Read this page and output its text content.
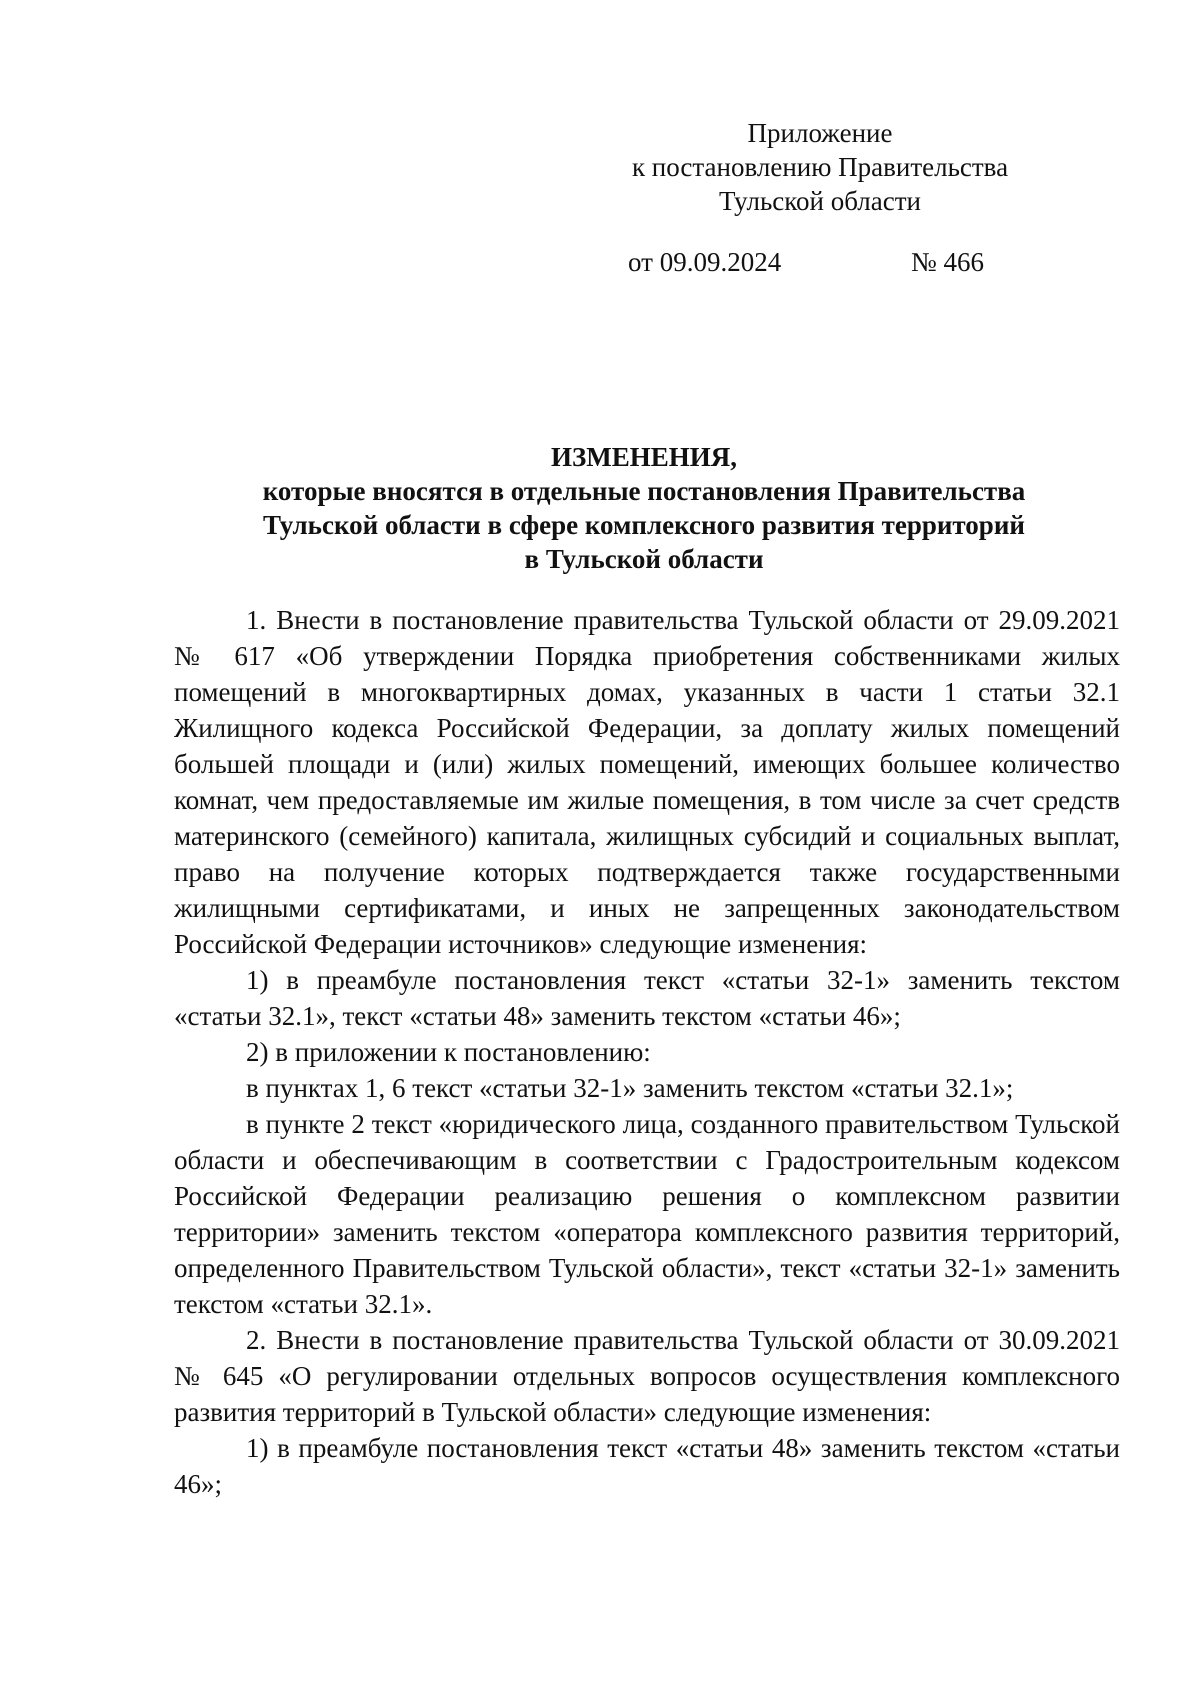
Приложение
к постановлению Правительства
Тульской области
от 09.09.2024	№ 466
ИЗМЕНЕНИЯ,
которые вносятся в отдельные постановления Правительства
Тульской области в сфере комплексного развития территорий
в Тульской области

1. Внести в постановление правительства Тульской области от 29.09.2021 № 617 «Об утверждении Порядка приобретения собственниками жилых помещений в многоквартирных домах, указанных в части 1 статьи 32.1 Жилищного кодекса Российской Федерации, за доплату жилых помещений большей площади и (или) жилых помещений, имеющих большее количество комнат, чем предоставляемые им жилые помещения, в том числе за счет средств материнского (семейного) капитала, жилищных субсидий и социальных выплат, право на получение которых подтверждается также государственными жилищными сертификатами, и иных не запрещенных законодательством Российской Федерации источников» следующие изменения:

1) в преамбуле постановления текст «статьи 32-1» заменить текстом «статьи 32.1», текст «статьи 48» заменить текстом «статьи 46»;

2) в приложении к постановлению:

в пунктах 1, 6 текст «статьи 32-1» заменить текстом «статьи 32.1»;

в пункте 2 текст «юридического лица, созданного правительством Тульской области и обеспечивающим в соответствии с Градостроительным кодексом Российской Федерации реализацию решения о комплексном развитии территории» заменить текстом «оператора комплексного развития территорий, определенного Правительством Тульской области», текст «статьи 32-1» заменить текстом «статьи 32.1».

2. Внести в постановление правительства Тульской области от 30.09.2021 № 645 «О регулировании отдельных вопросов осуществления комплексного развития территорий в Тульской области» следующие изменения:

1) в преамбуле постановления текст «статьи 48» заменить текстом «статьи 46»;
